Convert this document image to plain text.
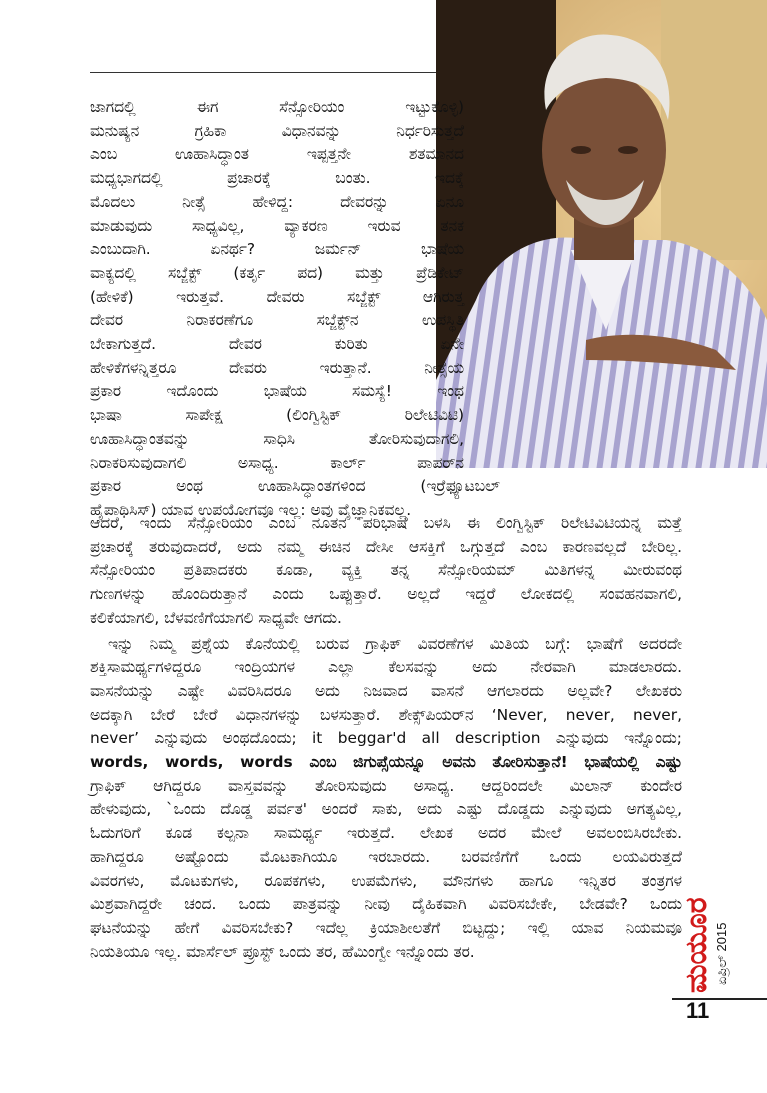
ಜಾಗದಲ್ಲಿ ಈಗ ಸೆನ್ಸೋರಿಯಂ ಇಟ್ಟುಕೊಳ್ಳಿ)

ಮನುಷ್ಯನ ಗ್ರಹಿಕಾ ವಿಧಾನವನ್ನು ನಿರ್ಧರಿಸುತ್ತದೆ

ಎಂಬ ಊಹಾಸಿದ್ಧಾಂತ ಇಪ್ಪತ್ತನೇ ಶತಮಾನದ

ಮಧ್ಯಭಾಗದಲ್ಲಿ ಪ್ರಚಾರಕ್ಕೆ ಬಂತು. ಇದಕ್ಕೆ

ಮೊದಲು ನೀತ್ಸೆ ಹೇಳಿದ್ದ: ದೇವರನ್ನು ಏನೂ

ಮಾಡುವುದು ಸಾಧ್ಯವಿಲ್ಲ, ವ್ಯಾಕರಣ ಇರುವ ತನಕ

ಎಂಬುದಾಗಿ. ಏನರ್ಥ? ಜರ್ಮನ್ ಭಾಷೆಯ

ವಾಕ್ಯದಲ್ಲಿ ಸಬ್ಜೆಕ್ಟ್ (ಕರ್ತೃ ಪದ) ಮತ್ತು ಪ್ರೆಡಿಕೇಟ್

(ಹೇಳಿಕೆ) ಇರುತ್ತವೆ. ದೇವರು ಸಬ್ಜೆಕ್ಟ್ ಆಗಿರುತ್ತ

ದೇವರ ನಿರಾಕರಣೆಗೂ ಸಬ್ಜೆಕ್ಟ್‌ನ ಉಪಸ್ಥಿತಿ

ಬೇಕಾಗುತ್ತದೆ. ದೇವರ ಕುರಿತು ಏನೇ

ಹೇಳಿಕೆಗಳನ್ನಿತ್ತರೂ ದೇವರು ಇರುತ್ತಾನೆ. ನೀತ್ಸೆಯ

ಪ್ರಕಾರ ಇದೊಂದು ಭಾಷೆಯ ಸಮಸ್ಯೆ! ಇಂಥ

ಭಾಷಾ ಸಾಪೇಕ್ಷ (ಲಿಂಗ್ವಿಸ್ಟಿಕ್ ರಿಲೇಟಿವಿಟಿ)

ಊಹಾಸಿದ್ಧಾಂತವನ್ನು ಸಾಧಿಸಿ ತೋರಿಸುವುದಾಗಲಿ,

ನಿರಾಕರಿಸುವುದಾಗಲಿ ಅಸಾಧ್ಯ. ಕಾರ್ಲ್ ಪಾಪರ್‌ನ

ಪ್ರಕಾರ ಅಂಥ ಊಹಾಸಿದ್ಧಾಂತಗಳಿಂದ (ಇರ್ರೆಫ್ಯೂಟಬಲ್

ಹೈಪಾಥಿಸಿಸ್) ಯಾವ ಉಪಯೋಗವೂ ಇಲ್ಲ: ಅವು ವೈಜ್ಞಾನಿಕವಲ್ಲ.

ಆದರೆ, ಇಂದು ಸೆನ್ಸೋರಿಯಂ ಎಂಬ ನೂತನ ಪರಿಭಾಷೆ ಬಳಸಿ ಈ ಲಿಂಗ್ವಿಸ್ಟಿಕ್ ರಿಲೇಟಿವಿಟಿಯನ್ನ ಮತ್ತೆ

ಪ್ರಚಾರಕ್ಕೆ ತರುವುದಾದರೆ, ಅದು ನಮ್ಮ ಈಚಿನ ದೇಸೀ ಆಸಕ್ತಿಗೆ ಒಗ್ಗುತ್ತದೆ ಎಂಬ ಕಾರಣವಲ್ಲದೆ ಬೇರಿಲ್ಲ.

ಸೆನ್ಸೋರಿಯಂ ಪ್ರತಿಪಾದಕರು ಕೂಡಾ, ವ್ಯಕ್ತಿ ತನ್ನ ಸೆನ್ಸೋರಿಯಮ್ ಮಿತಿಗಳನ್ನ ಮೀರುವಂಥ

ಗುಣಗಳನ್ನು ಹೊಂದಿರುತ್ತಾನೆ ಎಂದು ಒಪ್ಪುತ್ತಾರೆ. ಅಲ್ಲದೆ ಇದ್ದರೆ ಲೋಕದಲ್ಲಿ ಸಂವಹನವಾಗಲಿ,

ಕಲಿಕೆಯಾಗಲಿ, ಬೆಳವಣಿಗೆಯಾಗಲಿ ಸಾಧ್ಯವೇ ಆಗದು.

ಇನ್ನು ನಿಮ್ಮ ಪ್ರಶ್ನೆಯ ಕೊನೆಯಲ್ಲಿ ಬರುವ ಗ್ರಾಫಿಕ್ ವಿವರಣೆಗಳ ಮಿತಿಯ ಬಗ್ಗೆ: ಭಾಷೆಗೆ ಅದರದೇ

ಶಕ್ತಿಸಾಮರ್ಥ್ಯಗಳಿದ್ದರೂ ಇಂದ್ರಿಯಗಳ ಎಲ್ಲಾ ಕೆಲಸವನ್ನು ಅದು ನೇರವಾಗಿ ಮಾಡಲಾರದು.

ವಾಸನೆಯನ್ನು ಎಷ್ಟೇ ವಿವರಿಸಿದರೂ ಅದು ನಿಜವಾದ ವಾಸನೆ ಆಗಲಾರದು ಅಲ್ಲವೇ? ಲೇಖಕರು

ಅದಕ್ಕಾಗಿ ಬೇರೆ ಬೇರೆ ವಿಧಾನಗಳನ್ನು ಬಳಸುತ್ತಾರೆ. ಶೇಕ್ಸ್‌ಪಿಯರ್‌ನ ‘Never, never, never,

never’ ಎನ್ನುವುದು ಅಂಥದೊಂದು; it beggar'd all description ಎನ್ನುವುದು ಇನ್ನೊಂದು;

words, words, words ಎಂಬ ಜಿಗುಪ್ಸೆಯನ್ನೂ ಅವನು ತೋರಿಸುತ್ತಾನೆ! ಭಾಷೆಯಲ್ಲಿ ಎಷ್ಟು

ಗ್ರಾಫಿಕ್ ಆಗಿದ್ದರೂ ವಾಸ್ತವವನ್ನು ತೋರಿಸುವುದು ಅಸಾಧ್ಯ. ಆದ್ದರಿಂದಲೇ ಮಿಲಾನ್ ಕುಂದೇರ

ಹೇಳುವುದು, `ಒಂದು ದೊಡ್ಡ ಪರ್ವತ' ಅಂದರೆ ಸಾಕು, ಅದು ಎಷ್ಟು ದೊಡ್ಡದು ಎನ್ನುವುದು ಅಗತ್ಯವಿಲ್ಲ,

ಓದುಗರಿಗೆ ಕೂಡ ಕಲ್ಪನಾ ಸಾಮರ್ಥ್ಯ ಇರುತ್ತದೆ. ಲೇಖಕ ಅದರ ಮೇಲೆ ಅವಲಂಬಿಸಿರಬೇಕು.

ಹಾಗಿದ್ದರೂ ಅಷ್ಟೊಂದು ಮೊಟಕಾಗಿಯೂ ಇರಬಾರದು. ಬರವಣಿಗೆಗೆ ಒಂದು ಲಯವಿರುತ್ತದೆ

ವಿವರಗಳು, ಮೊಟಕುಗಳು, ರೂಪಕಗಳು, ಉಪಮೆಗಳು, ಮೌನಗಳು ಹಾಗೂ ಇನ್ನಿತರ ತಂತ್ರಗಳ

ಮಿಶ್ರವಾಗಿದ್ದರೇ ಚಂದ. ಒಂದು ಪಾತ್ರವನ್ನು ನೀವು ದೈಹಿಕವಾಗಿ ವಿವರಿಸಬೇಕೇ, ಬೇಡವೇ? ಒಂದು

ಘಟನೆಯನ್ನು ಹೇಗೆ ವಿವರಿಸಬೇಕು? ಇದೆಲ್ಲ ಕ್ರಿಯಾಶೀಲತೆಗೆ ಬಿಟ್ಟದ್ದು; ಇಲ್ಲಿ ಯಾವ ನಿಯಮವೂ

ನಿಯತಿಯೂ ಇಲ್ಲ. ಮಾರ್ಸೆಲ್ ಪ್ರೂಸ್ಟ್ ಒಂದು ತರ, ಹೆಮಿಂಗ್ವೇ ಇನ್ನೊಂದು ತರ.	ಮಯೂರ ಏಪ್ರಿಲ್ 2015
11
